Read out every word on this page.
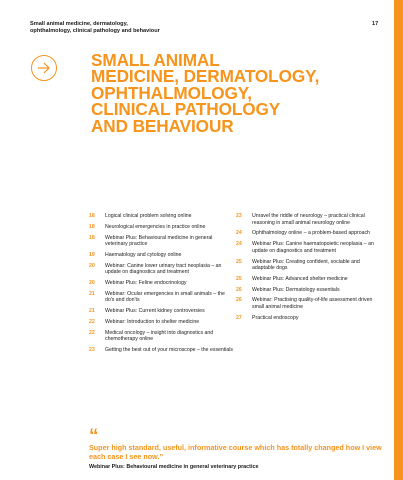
Small animal medicine, dermatology,
ophthalmology, clinical pathology and behaviour
17
SMALL ANIMAL
MEDICINE, DERMATOLOGY,
OPHTHALMOLOGY,
CLINICAL PATHOLOGY
AND BEHAVIOUR
18	Logical clinical problem solving online
18	Neurological emergencies in practice online
18	Webinar Plus: Behavioural medicine in general veterinary practice
19	Haematology and cytology online
20	Webinar: Canine lower urinary tract neoplasia – an update on diagnostics and treatment
20	Webinar Plus: Feline endocrinology
21	Webinar: Ocular emergencies in small animals – the do's and don'ts
21	Webinar Plus: Current kidney controversies
22	Webinar: Introduction to shelter medicine
22	Medical oncology – insight into diagnostics and chemotherapy online
23	Getting the best out of your microscope – the essentials
23	Unravel the riddle of neurology – practical clinical reasoning in small animal neurology online
24	Ophthalmology online – a problem-based approach
24	Webinar Plus: Canine haematopoietic neoplasia – an update on diagnostics and treatment
25	Webinar Plus: Creating confident, sociable and adaptable dogs
25	Webinar Plus: Advanced shelter medicine
26	Webinar Plus: Dermatology essentials
26	Webinar: Practising quality-of-life assessment driven small animal medicine
27	Practical endoscopy
“
Super high standard, useful, informative course which has totally changed how I view each case I see now.”
Webinar Plus: Behavioural medicine in general veterinary practice
